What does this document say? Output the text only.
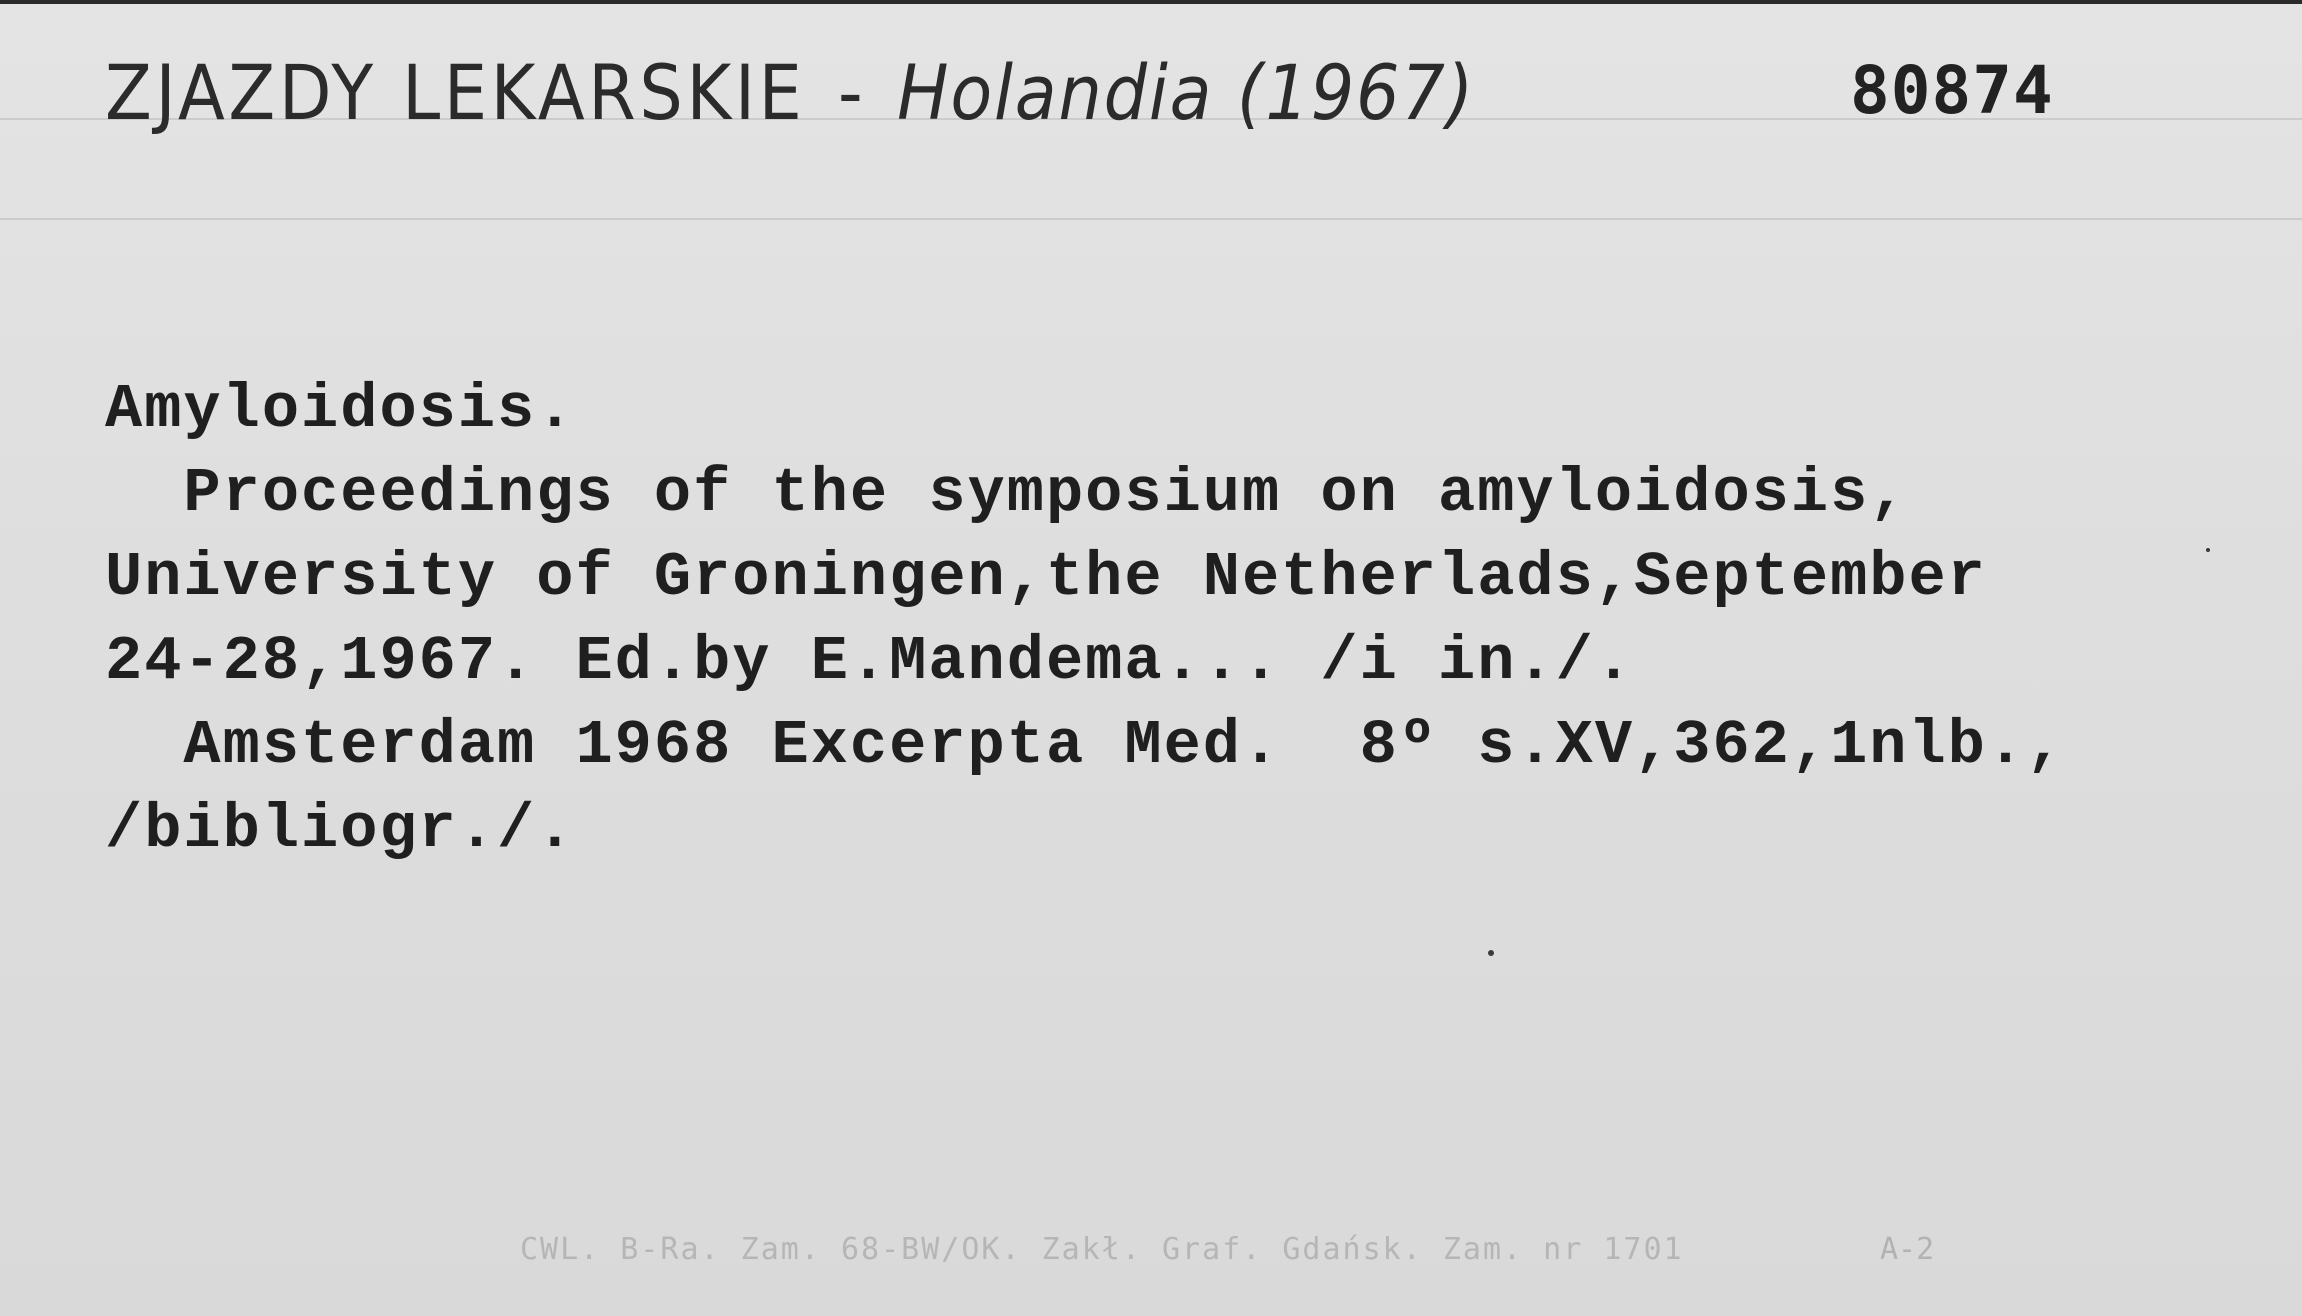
ZJAZDY LEKARSKIE - Holandia (1967)	80874
Amyloidosis.
Proceedings of the symposium on amyloidosis,
University of Groningen,the Netherlads,September
24-28,1967. Ed.by E.Mandema... /i in./.
Amsterdam 1968 Excerpta Med.  8º s.XV,362,1nlb.,
/bibliogr./.
CWL. B-Ra. Zam. 68-BW/OK. Zakł. Graf. Gdańsk. Zam. nr 1701	A-2
